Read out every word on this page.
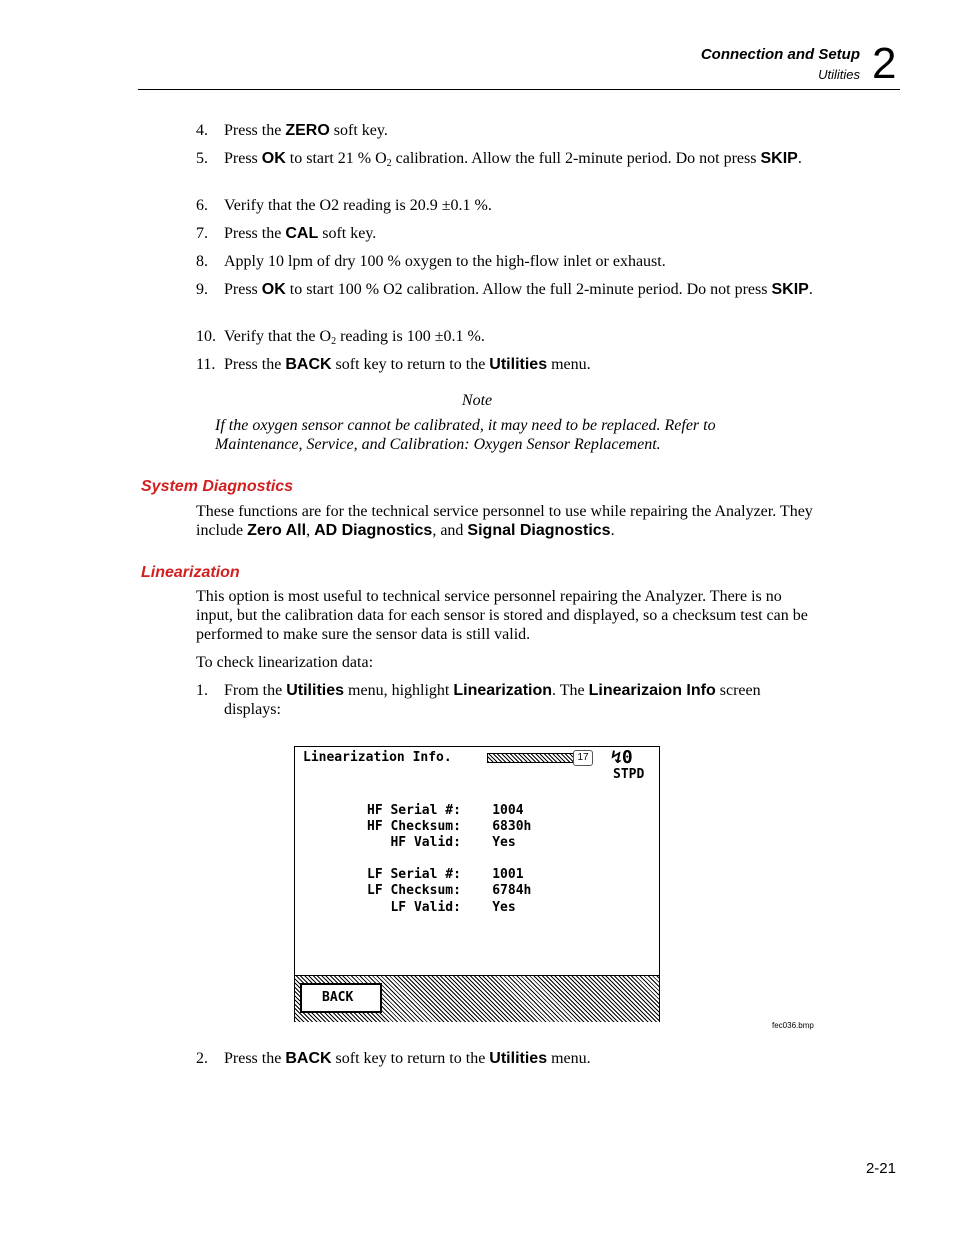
Connection and Setup
Utilities 2
4. Press the ZERO soft key.
5. Press OK to start 21 % $O_2$ calibration. Allow the full 2-minute period. Do not press SKIP.
6. Verify that the O2 reading is 20.9 ±0.1 %.
7. Press the CAL soft key.
8. Apply 10 lpm of dry 100 % oxygen to the high-flow inlet or exhaust.
9. Press OK to start 100 % O2 calibration. Allow the full 2-minute period. Do not press SKIP.
10. Verify that the $O_2$ reading is 100 ±0.1 %.
11. Press the BACK soft key to return to the Utilities menu.
Note
If the oxygen sensor cannot be calibrated, it may need to be replaced. Refer to Maintenance, Service, and Calibration: Oxygen Sensor Replacement.
System Diagnostics
These functions are for the technical service personnel to use while repairing the Analyzer. They include Zero All, AD Diagnostics, and Signal Diagnostics.
Linearization
This option is most useful to technical service personnel repairing the Analyzer. There is no input, but the calibration data for each sensor is stored and displayed, so a checksum test can be performed to make sure the sensor data is still valid.
To check linearization data:
1. From the Utilities menu, highlight Linearization. The Linearizaion Info screen displays:
Linearization Info.	17 ↯0
STPD
HF Serial #:    1004
HF Checksum:    6830h
HF Valid:    Yes
LF Serial #:    1001
LF Checksum:    6784h
LF Valid:    Yes
BACK
fec036.bmp
2. Press the BACK soft key to return to the Utilities menu.
2-21
